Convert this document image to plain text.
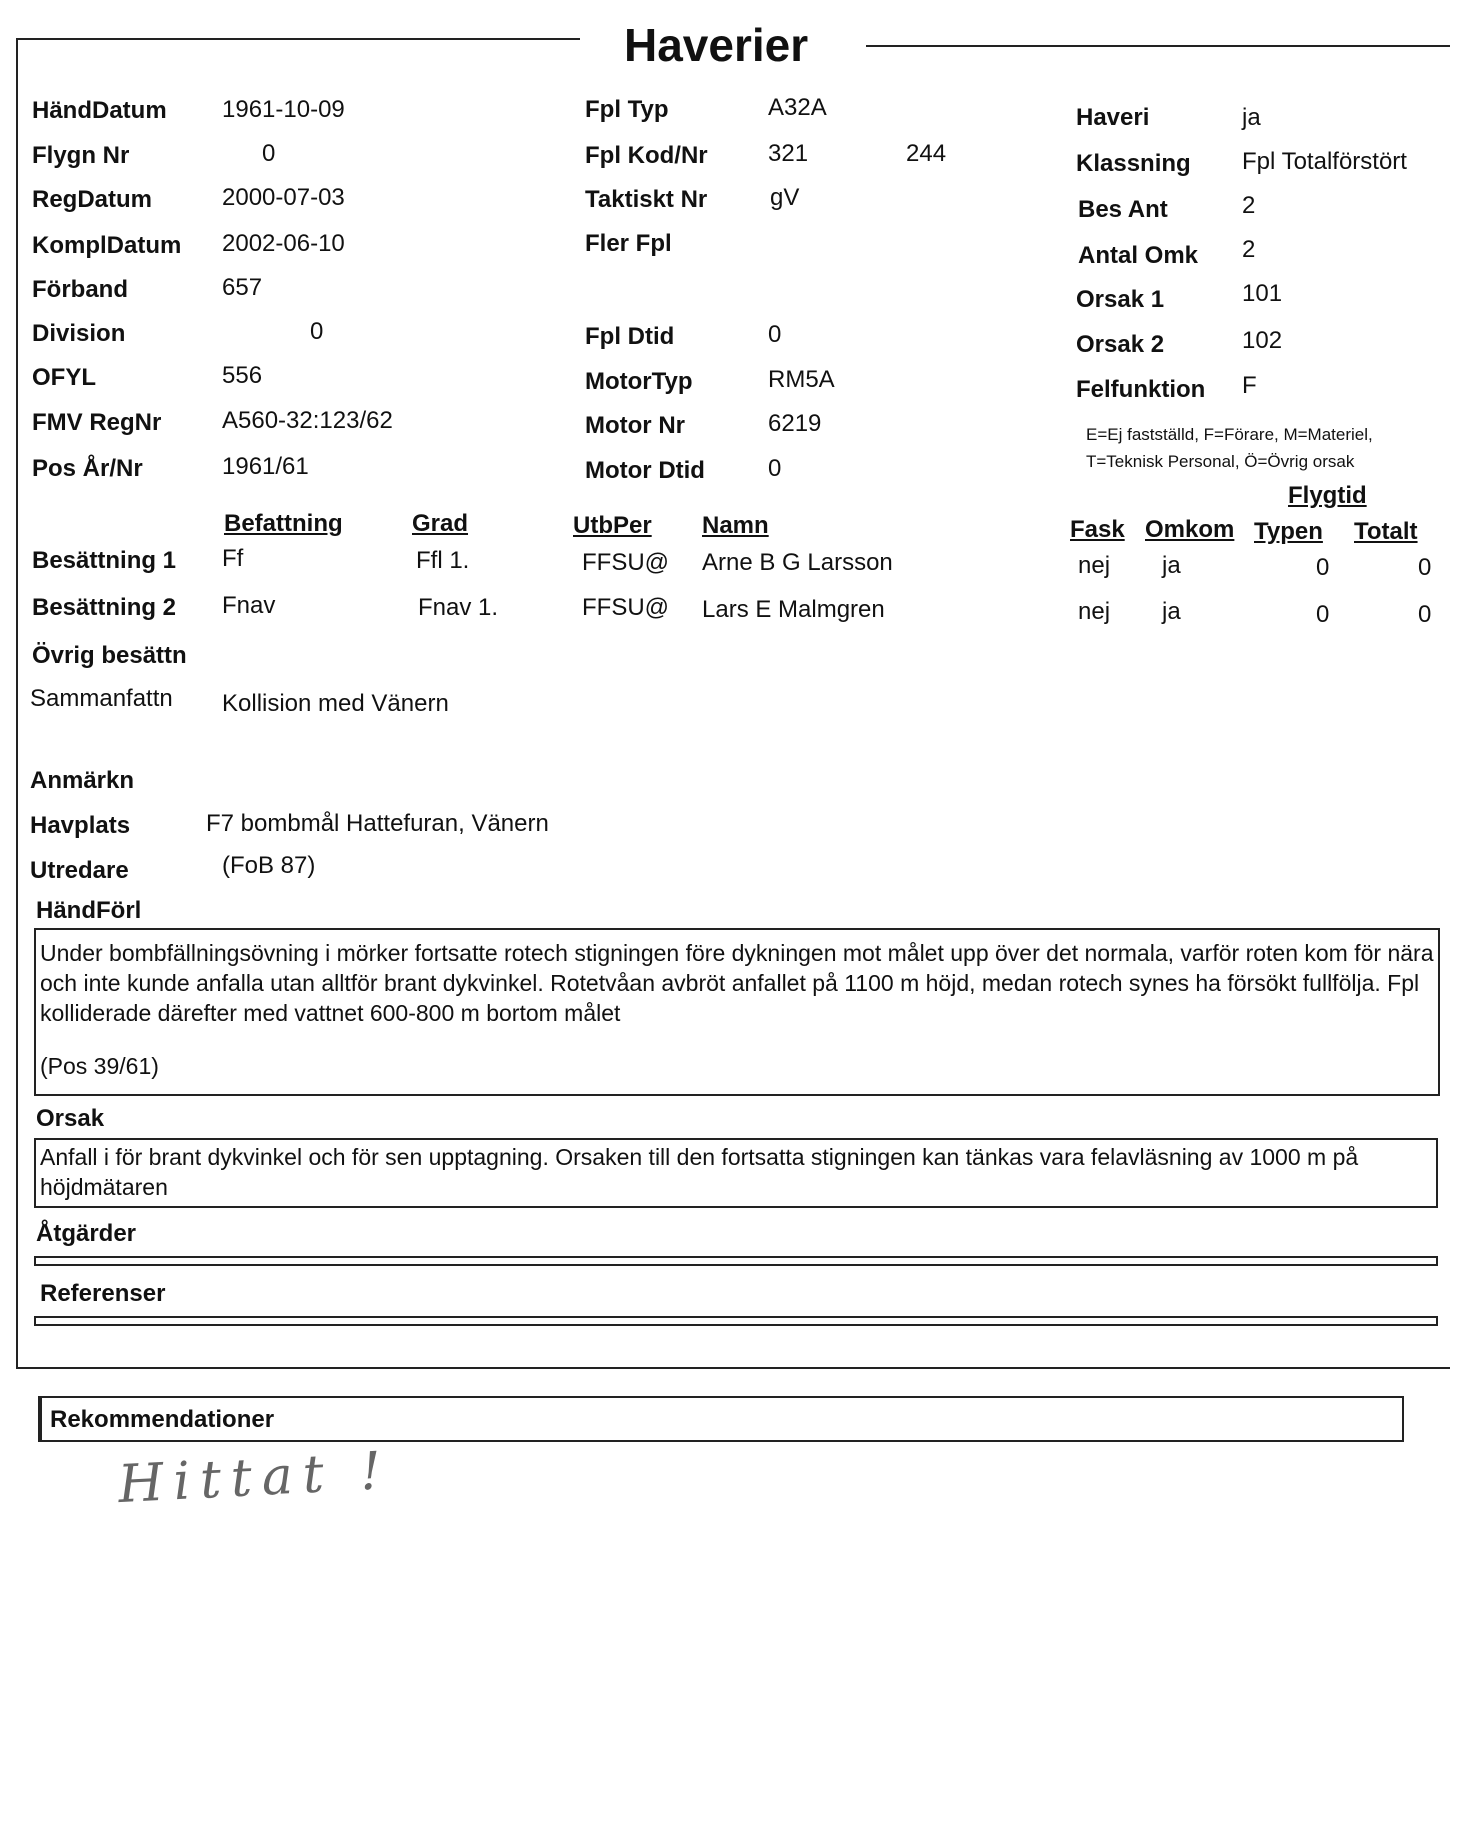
Haverier
HändDatum 1961-10-09
Flygn Nr	0
RegDatum	2000-07-03
KomplDatum 2002-06-10
Förband	657
Division	0
OFYL	556
FMV RegNr	A560-32:123/62
Pos År/Nr	1961/61
Fpl Typ	A32A
Fpl Kod/Nr	321	244
Taktiskt Nr	gV
Fler Fpl
Fpl Dtid	0
MotorTyp	RM5A
Motor Nr	6219
Motor Dtid	0
Haveri	ja
Klassning Fpl Totalförstört
Bes Ant	2
Antal Omk 2
Orsak 1	101
Orsak 2	102
Felfunktion F
E=Ej fastställd, F=Förare, M=Materiel,
T=Teknisk Personal, Ö=Övrig orsak
Befattning	Grad	UtbPer Namn
Flygtid
Fask Omkom Typen Totalt
Besättning 1 Ff	Ffl 1.	FFSU@ Arne B G Larsson	nej ja	0	0
Besättning 2 Fnav	Fnav 1.	FFSU@ Lars E Malmgren	nej ja	0	0
Övrig besättn
Sammanfattn Kollision med Vänern
Anmärkn
Havplats	F7 bombmål Hattefuran, Vänern
Utredare	(FoB 87)
HändFörl
Under bombfällningsövning i mörker fortsatte rotech stigningen före dykningen mot målet upp över det normala, varför roten kom för nära och inte kunde anfalla utan alltför brant dykvinkel. Rotetvåan avbröt anfallet på 1100 m höjd, medan rotech synes ha försökt fullfölja. Fpl kolliderade därefter med vattnet 600-800 m bortom målet
(Pos 39/61)
Orsak
Anfall i för brant dykvinkel och för sen upptagning. Orsaken till den fortsatta stigningen kan tänkas vara felavläsning av 1000 m på höjdmätaren
Åtgärder
Referenser
Rekommendationer
Hittat !
